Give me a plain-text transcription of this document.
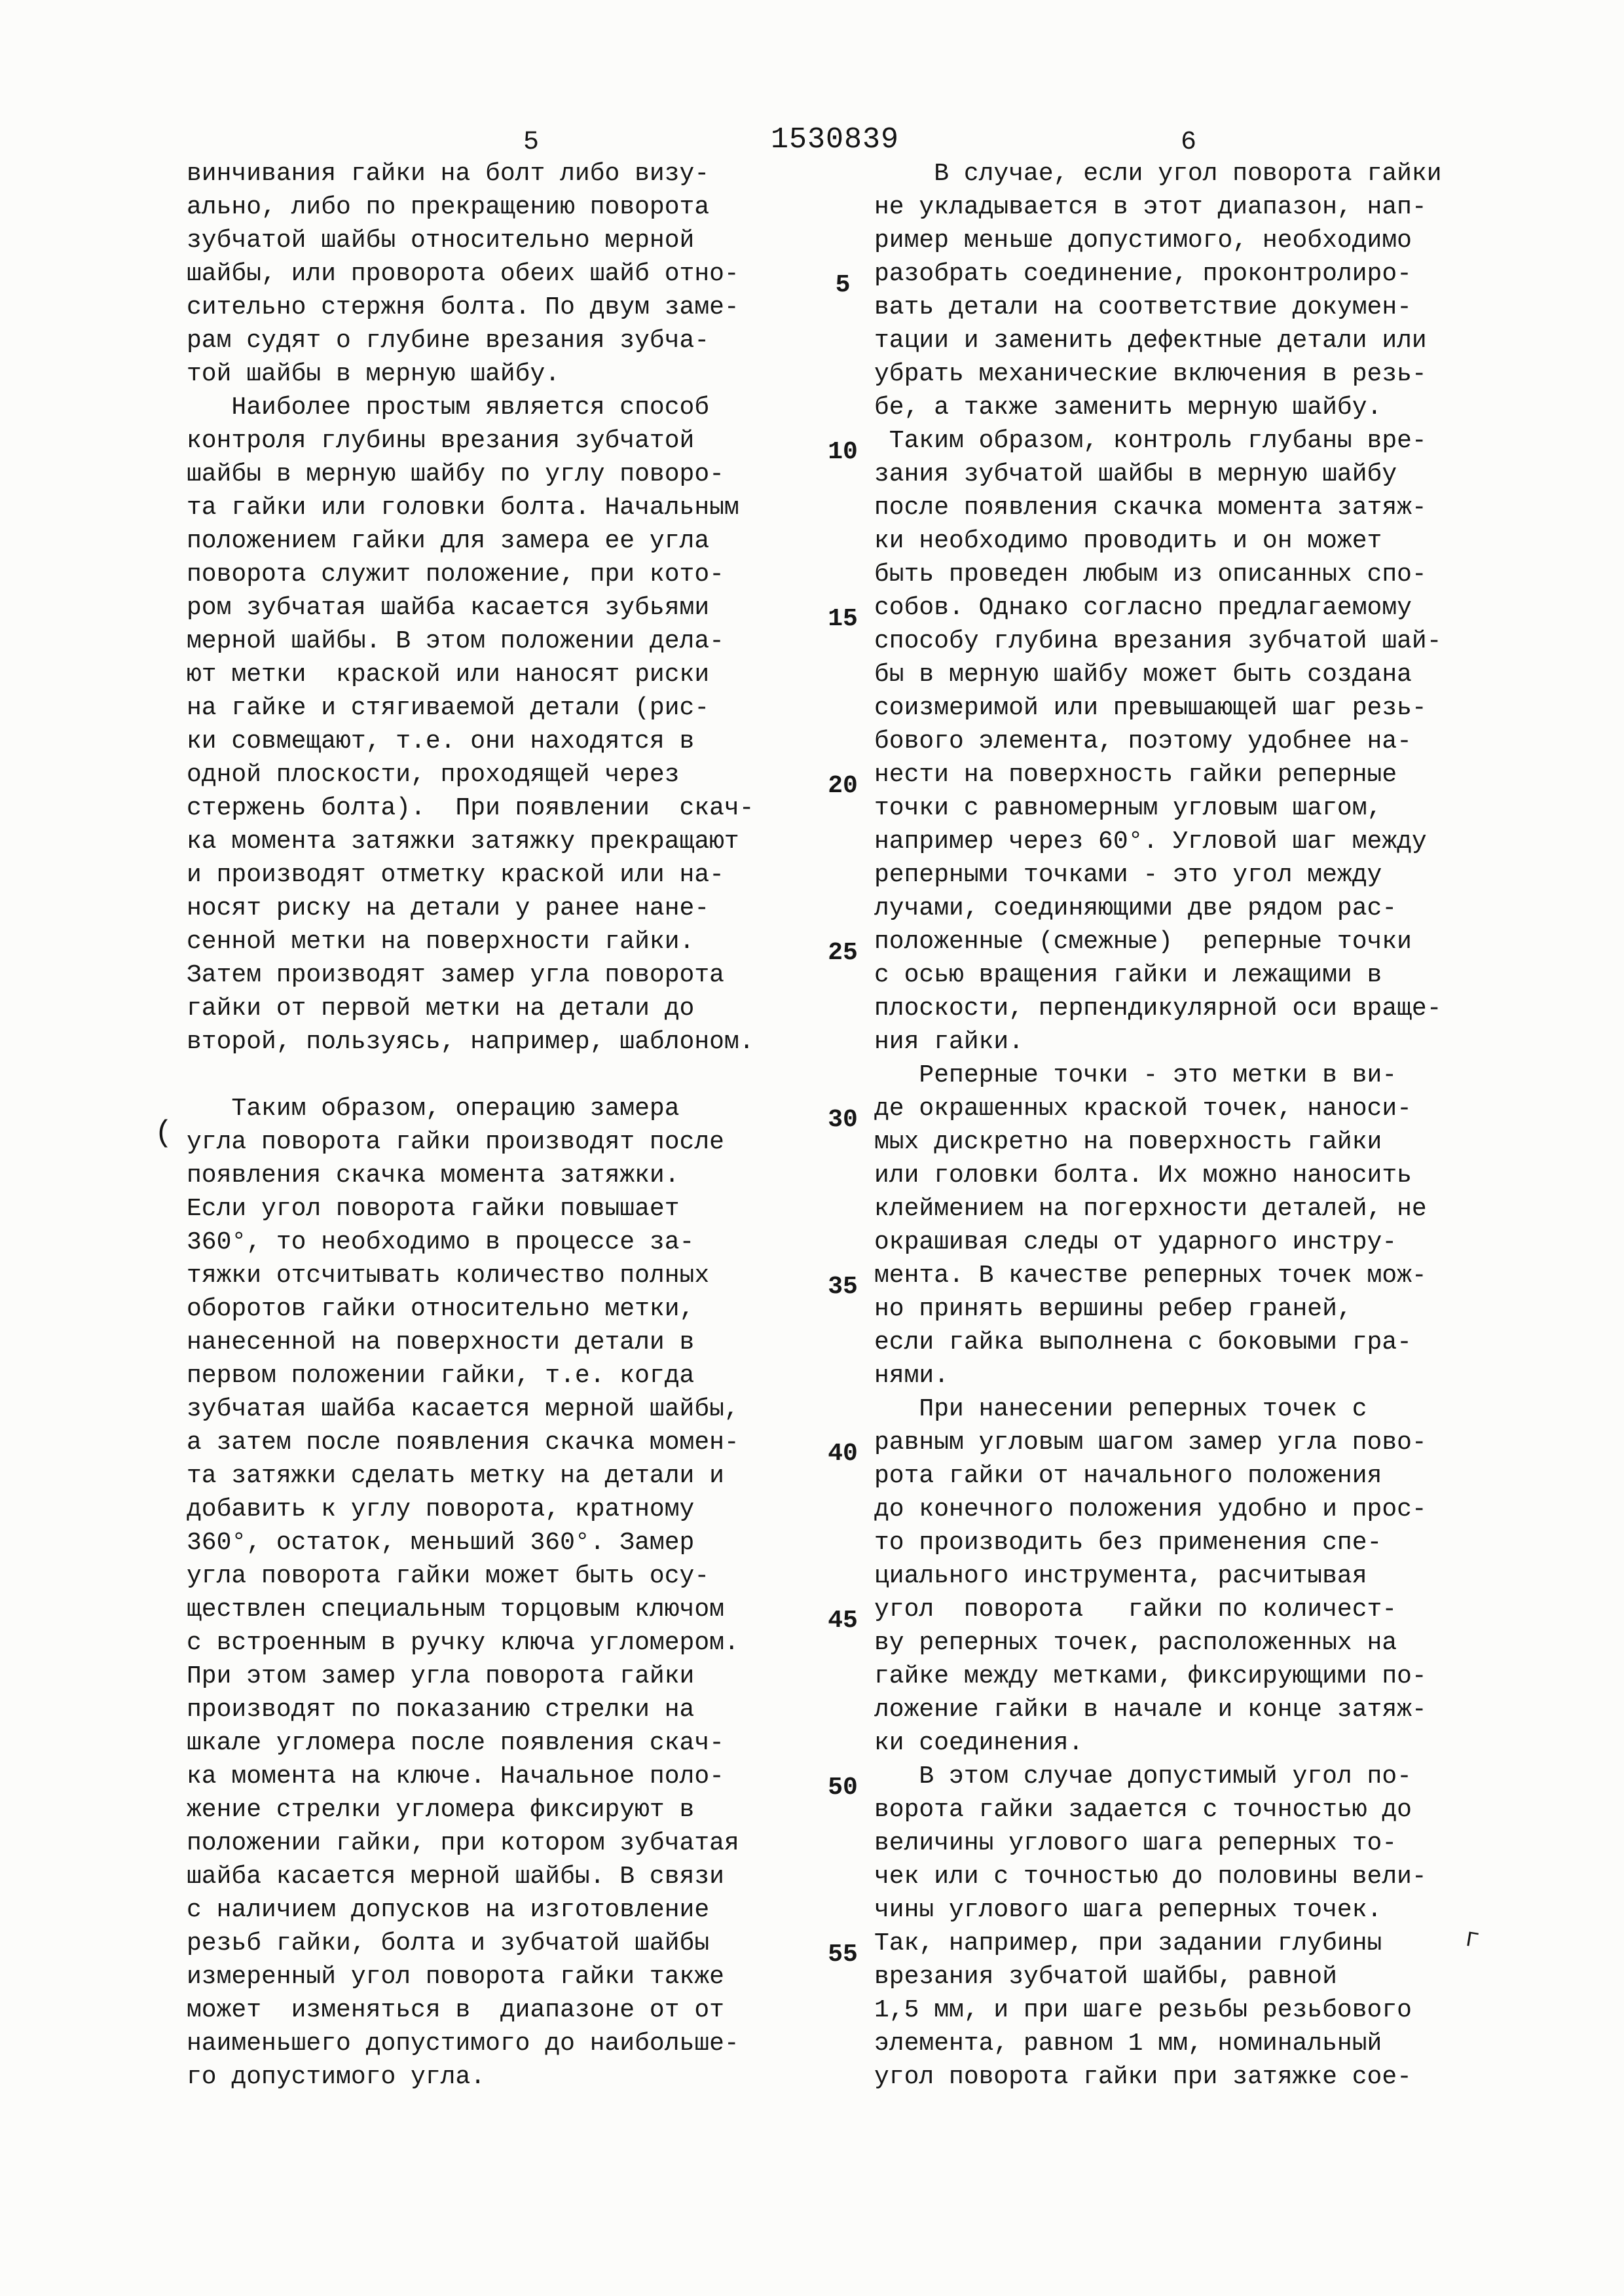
5	1530839	6
винчивания гайки на болт либо визу-
ально, либо по прекращению поворота
зубчатой шайбы относительно мерной
шайбы, или проворота обеих шайб отно-
сительно стержня болта. По двум заме-
рам судят о глубине врезания зубча-
той шайбы в мерную шайбу.
Наиболее простым является способ
контроля глубины врезания зубчатой
шайбы в мерную шайбу по углу поворо-
та гайки или головки болта. Начальным
положением гайки для замера ее угла
поворота служит положение, при кото-
ром зубчатая шайба касается зубьями
мерной шайбы. В этом положении дела-
ют метки  краской или наносят риски
на гайке и стягиваемой детали (рис-
ки совмещают, т.е. они находятся в
одной плоскости, проходящей через
стержень болта).  При появлении  скач-
ка момента затяжки затяжку прекращают
и производят отметку краской или на-
носят риску на детали у ранее нане-
сенной метки на поверхности гайки.
Затем производят замер угла поворота
гайки от первой метки на детали до
второй, пользуясь, например, шаблоном.
Таким образом, операцию замера
угла поворота гайки производят после
появления скачка момента затяжки.
Если угол поворота гайки повышает
360°, то необходимо в процессе за-
тяжки отсчитывать количество полных
оборотов гайки относительно метки,
нанесенной на поверхности детали в
первом положении гайки, т.е. когда
зубчатая шайба касается мерной шайбы,
а затем после появления скачка момен-
та затяжки сделать метку на детали и
добавить к углу поворота, кратному
360°, остаток, меньший 360°. Замер
угла поворота гайки может быть осу-
ществлен специальным торцовым ключом
с встроенным в ручку ключа угломером.
При этом замер угла поворота гайки
производят по показанию стрелки на
шкале угломера после появления скач-
ка момента на ключе. Начальное поло-
жение стрелки угломера фиксируют в
положении гайки, при котором зубчатая
шайба касается мерной шайбы. В связи
с наличием допусков на изготовление
резьб гайки, болта и зубчатой шайбы
измеренный угол поворота гайки также
может  изменяться в  диапазоне от от
наименьшего допустимого до наибольше-
го допустимого угла.
В случае, если угол поворота гайки
не укладывается в этот диапазон, нап-
ример меньше допустимого, необходимо
разобрать соединение, проконтролиро-
вать детали на соответствие докумен-
тации и заменить дефектные детали или
убрать механические включения в резь-
бе, а также заменить мерную шайбу.
Таким образом, контроль глубаны вре-
зания зубчатой шайбы в мерную шайбу
после появления скачка момента затяж-
ки необходимо проводить и он может
быть проведен любым из описанных спо-
собов. Однако согласно предлагаемому
способу глубина врезания зубчатой шай-
бы в мерную шайбу может быть создана
соизмеримой или превышающей шаг резь-
бового элемента, поэтому удобнее на-
нести на поверхность гайки реперные
точки с равномерным угловым шагом,
например через 60°. Угловой шаг между
реперными точками - это угол между
лучами, соединяющими две рядом рас-
положенные (смежные)  реперные точки
с осью вращения гайки и лежащими в
плоскости, перпендикулярной оси враще-
ния гайки.
Реперные точки - это метки в ви-
де окрашенных краской точек, наноси-
мых дискретно на поверхность гайки
или головки болта. Их можно наносить
клеймением на погерхности деталей, не
окрашивая следы от ударного инстру-
мента. В качестве реперных точек мож-
но принять вершины ребер граней,
если гайка выполнена с боковыми гра-
нями.
При нанесении реперных точек с
равным угловым шагом замер угла пово-
рота гайки от начального положения
до конечного положения удобно и прос-
то производить без применения спе-
циального инструмента, расчитывая
угол  поворота   гайки по количест-
ву реперных точек, расположенных на
гайке между метками, фиксирующими по-
ложение гайки в начале и конце затяж-
ки соединения.
В этом случае допустимый угол по-
ворота гайки задается с точностью до
величины углового шага реперных то-
чек или с точностью до половины вели-
чины углового шага реперных точек.
Так, например, при задании глубины
врезания зубчатой шайбы, равной
1,5 мм, и при шаге резьбы резьбового
элемента, равном 1 мм, номинальный
угол поворота гайки при затяжке сое-
5
10
15
20
25
30
35
40
45
50
55
(
Г
